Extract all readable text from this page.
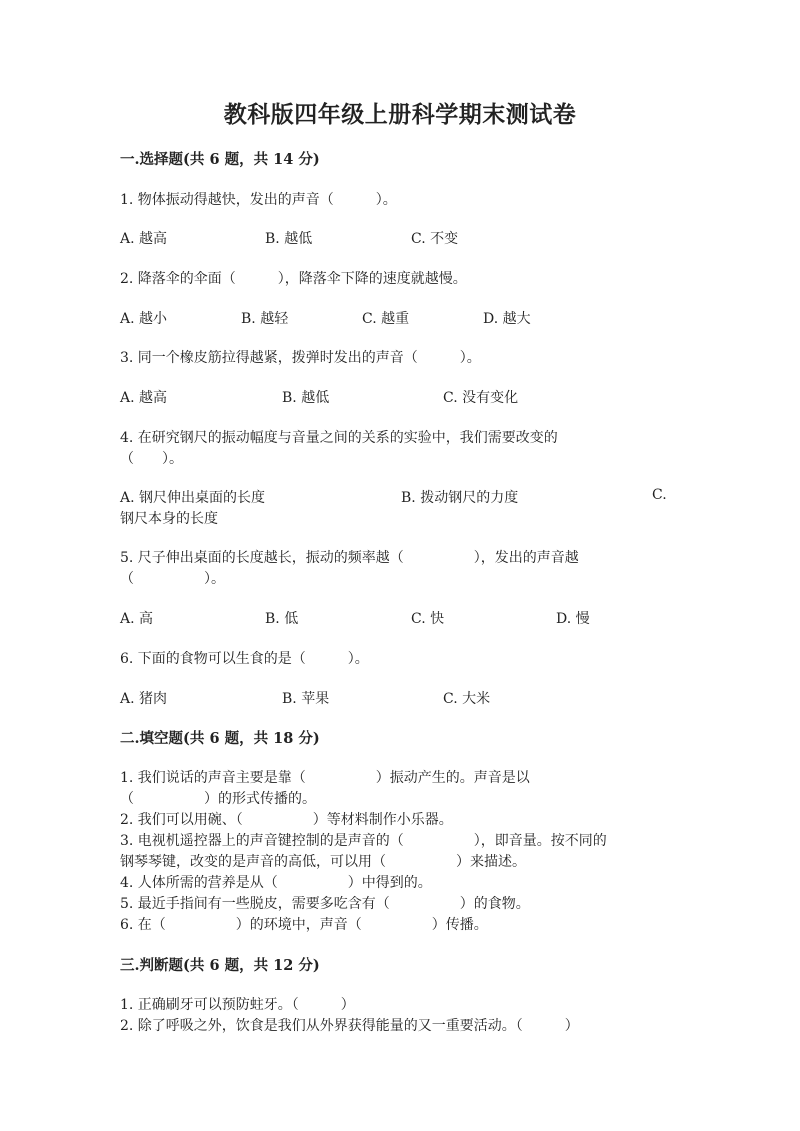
教科版四年级上册科学期末测试卷
一.选择题(共 6 题，共 14 分)
1. 物体振动得越快，发出的声音（　　　）。
A. 越高	B. 越低	C. 不变
2. 降落伞的伞面（　　　），降落伞下降的速度就越慢。
A. 越小	B. 越轻	C. 越重	D. 越大
3. 同一个橡皮筋拉得越紧，拨弹时发出的声音（　　　）。
A. 越高	B. 越低	C. 没有变化
4. 在研究钢尺的振动幅度与音量之间的关系的实验中，我们需要改变的
（　　）。
A. 钢尺伸出桌面的长度	B. 拨动钢尺的力度	C.
钢尺本身的长度
5. 尺子伸出桌面的长度越长，振动的频率越（　　　　　），发出的声音越
（　　　　　）。
A. 高	B. 低	C. 快	D. 慢
6. 下面的食物可以生食的是（　　　）。
A. 猪肉	B. 苹果	C. 大米
二.填空题(共 6 题，共 18 分)
1. 我们说话的声音主要是靠（　　　　　）振动产生的。声音是以
（　　　　　）的形式传播的。
2. 我们可以用碗、（　　　　　）等材料制作小乐器。
3. 电视机遥控器上的声音键控制的是声音的（　　　　　），即音量。按不同的
钢琴琴键，改变的是声音的高低，可以用（　　　　　）来描述。
4. 人体所需的营养是从（　　　　　）中得到的。
5. 最近手指间有一些脱皮，需要多吃含有（　　　　　）的食物。
6. 在（　　　　　）的环境中，声音（　　　　　）传播。
三.判断题(共 6 题，共 12 分)
1. 正确刷牙可以预防蛀牙。（　　　）
2. 除了呼吸之外，饮食是我们从外界获得能量的又一重要活动。（　　　）
